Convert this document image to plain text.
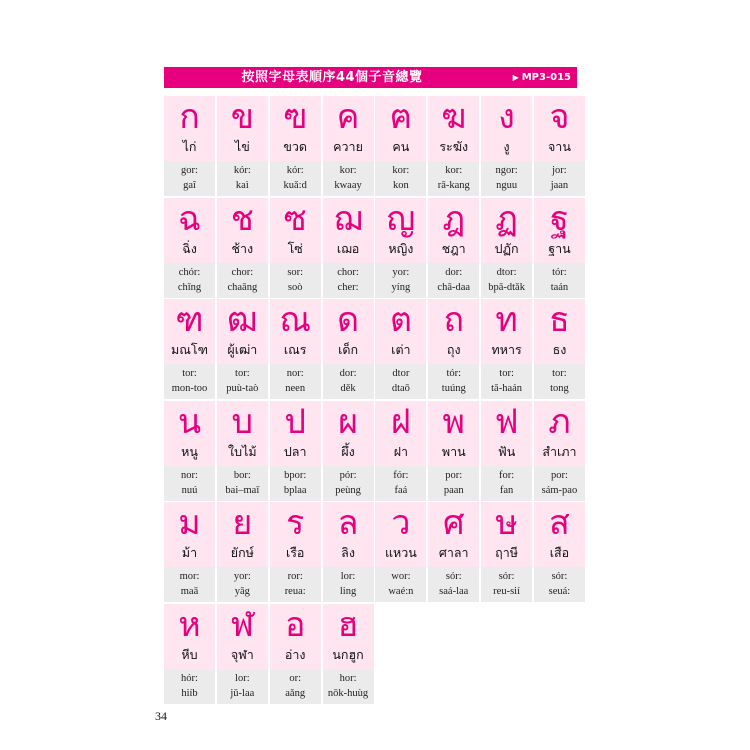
按照字母表順序44個子音總覽	▶ MP3-015
ก
ไก่
gor:
gaî
ข
ไข่
kór:
kaì
ฃ
ขวด
kór:
kuǎ:d
ค
ควาย
kor:
kwaay
ฅ
คน
kor:
kon
ฆ
ระฆัง
kor:
rā-kang
ง
งู
ngor:
nguu
จ
จาน
jor:
jaan
ฉ
ฉิ่ง
chór:
chǐng
ช
ช้าง
chor:
chaāng
ซ
โซ่
sor:
soò
ฌ
เฌอ
chor:
cher:
ญ
หญิง
yor:
yíng
ฎ
ชฎา
dor:
chā-daa
ฏ
ปฏัก
dtor:
bpā-dtǎk
ฐ
ฐาน
tór:
taán
ฑ
มณโฑ
tor:
mon-too
ฒ
ผู้เฒ่า
tor:
puù-taò
ณ
เณร
nor:
neen
ด
เด็ก
dor:
děk
ต
เต่า
dtor
dtaō
ถ
ถุง
tór:
tuúng
ท
ทหาร
tor:
tā-haán
ธ
ธง
tor:
tong
น
หนู
nor:
nuú
บ
ใบไม้
bor:
bai–maī
ป
ปลา
bpor:
bplaa
ผ
ผึ้ง
pór:
peùng
ฝ
ฝา
fór:
faá
พ
พาน
por:
paan
ฟ
ฟัน
for:
fan
ภ
สำเภา
por:
sám-pao
ม
ม้า
mor:
maā
ย
ยักษ์
yor:
yāg
ร
เรือ
ror:
reua:
ล
ลิง
lor:
ling
ว
แหวน
wor:
waé:n
ศ
ศาลา
sór:
saá-laa
ษ
ฤาษี
sór:
reu-sií
ส
เสือ
sór:
seuá:
ห
หีบ
hór:
hiíb
ฬ
จุฬา
lor:
jǔ-laa
อ
อ่าง
or:
aǎng
ฮ
นกฮูก
hor:
nōk-huùg
34
